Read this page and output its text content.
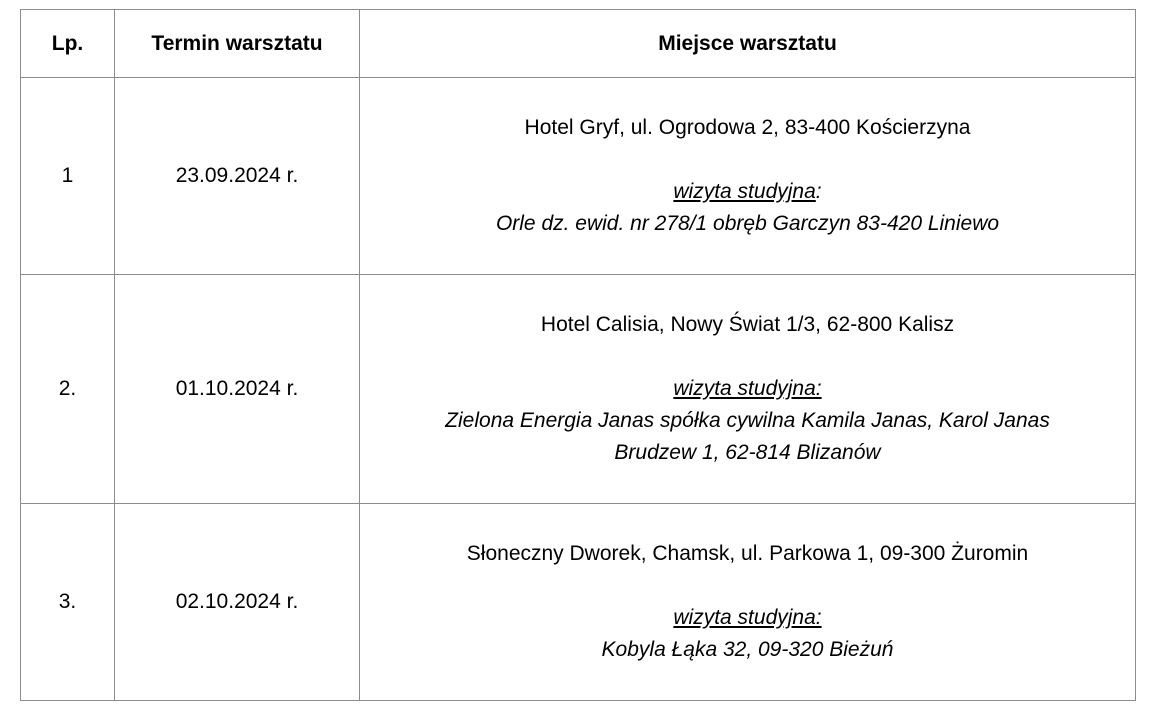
Lp.	Termin warsztatu	Miejsce warsztatu
1	23.09.2024 r.	Hotel Gryf, ul. Ogrodowa 2, 83-400 Kościerzyna
wizyta studyjna:
Orle dz. ewid. nr 278/1 obręb Garczyn 83-420 Liniewo

2.	01.10.2024 r.	Hotel Calisia, Nowy Świat 1/3, 62-800 Kalisz
wizyta studyjna:
Zielona Energia Janas spółka cywilna Kamila Janas, Karol Janas
Brudzew 1, 62-814 Blizanów

3.	02.10.2024 r.	Słoneczny Dworek, Chamsk, ul. Parkowa 1, 09-300 Żuromin
wizyta studyjna:
Kobyla Łąka 32, 09-320 Bieżuń
